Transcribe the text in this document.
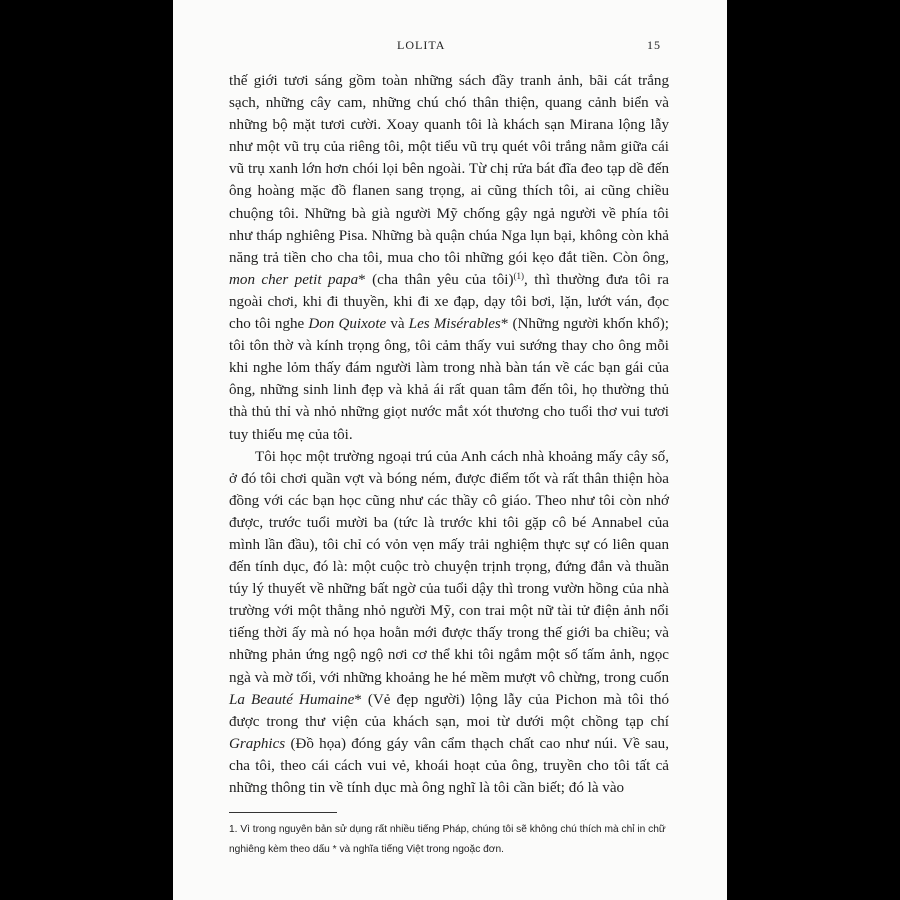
LOLITA	15

thế giới tươi sáng gồm toàn những sách đầy tranh ảnh, bãi cát trắng sạch, những cây cam, những chú chó thân thiện, quang cảnh biển và những bộ mặt tươi cười. Xoay quanh tôi là khách sạn Mirana lộng lẫy như một vũ trụ của riêng tôi, một tiểu vũ trụ quét vôi trắng nằm giữa cái vũ trụ xanh lớn hơn chói lọi bên ngoài. Từ chị rửa bát đĩa đeo tạp dề đến ông hoàng mặc đồ flanen sang trọng, ai cũng thích tôi, ai cũng chiều chuộng tôi. Những bà già người Mỹ chống gậy ngả người về phía tôi như tháp nghiêng Pisa. Những bà quận chúa Nga lụn bại, không còn khả năng trả tiền cho cha tôi, mua cho tôi những gói kẹo đắt tiền. Còn ông, mon cher petit papa* (cha thân yêu của tôi)$^{(1)}$, thì thường đưa tôi ra ngoài chơi, khi đi thuyền, khi đi xe đạp, dạy tôi bơi, lặn, lướt ván, đọc cho tôi nghe Don Quixote và Les Misérables* (Những người khốn khổ); tôi tôn thờ và kính trọng ông, tôi cảm thấy vui sướng thay cho ông mỗi khi nghe lỏm thấy đám người làm trong nhà bàn tán về các bạn gái của ông, những sinh linh đẹp và khả ái rất quan tâm đến tôi, họ thường thủ thà thủ thỉ và nhỏ những giọt nước mắt xót thương cho tuổi thơ vui tươi tuy thiếu mẹ của tôi.

Tôi học một trường ngoại trú của Anh cách nhà khoảng mấy cây số, ở đó tôi chơi quần vợt và bóng ném, được điểm tốt và rất thân thiện hòa đồng với các bạn học cũng như các thầy cô giáo. Theo như tôi còn nhớ được, trước tuổi mười ba (tức là trước khi tôi gặp cô bé Annabel của mình lần đầu), tôi chỉ có vỏn vẹn mấy trải nghiệm thực sự có liên quan đến tính dục, đó là: một cuộc trò chuyện trịnh trọng, đứng đắn và thuần túy lý thuyết về những bất ngờ của tuổi dậy thì trong vườn hồng của nhà trường với một thằng nhỏ người Mỹ, con trai một nữ tài tử điện ảnh nổi tiếng thời ấy mà nó họa hoằn mới được thấy trong thế giới ba chiều; và những phản ứng ngộ ngộ nơi cơ thể khi tôi ngắm một số tấm ảnh, ngọc ngà và mờ tối, với những khoảng he hé mềm mượt vô chừng, trong cuốn La Beauté Humaine* (Vẻ đẹp người) lộng lẫy của Pichon mà tôi thó được trong thư viện của khách sạn, moi từ dưới một chồng tạp chí Graphics (Đồ họa) đóng gáy vân cẩm thạch chất cao như núi. Về sau, cha tôi, theo cái cách vui vẻ, khoái hoạt của ông, truyền cho tôi tất cả những thông tin về tính dục mà ông nghĩ là tôi cần biết; đó là vào

1. Vì trong nguyên bản sử dụng rất nhiều tiếng Pháp, chúng tôi sẽ không chú thích mà chỉ in chữ nghiêng kèm theo dấu * và nghĩa tiếng Việt trong ngoặc đơn.
